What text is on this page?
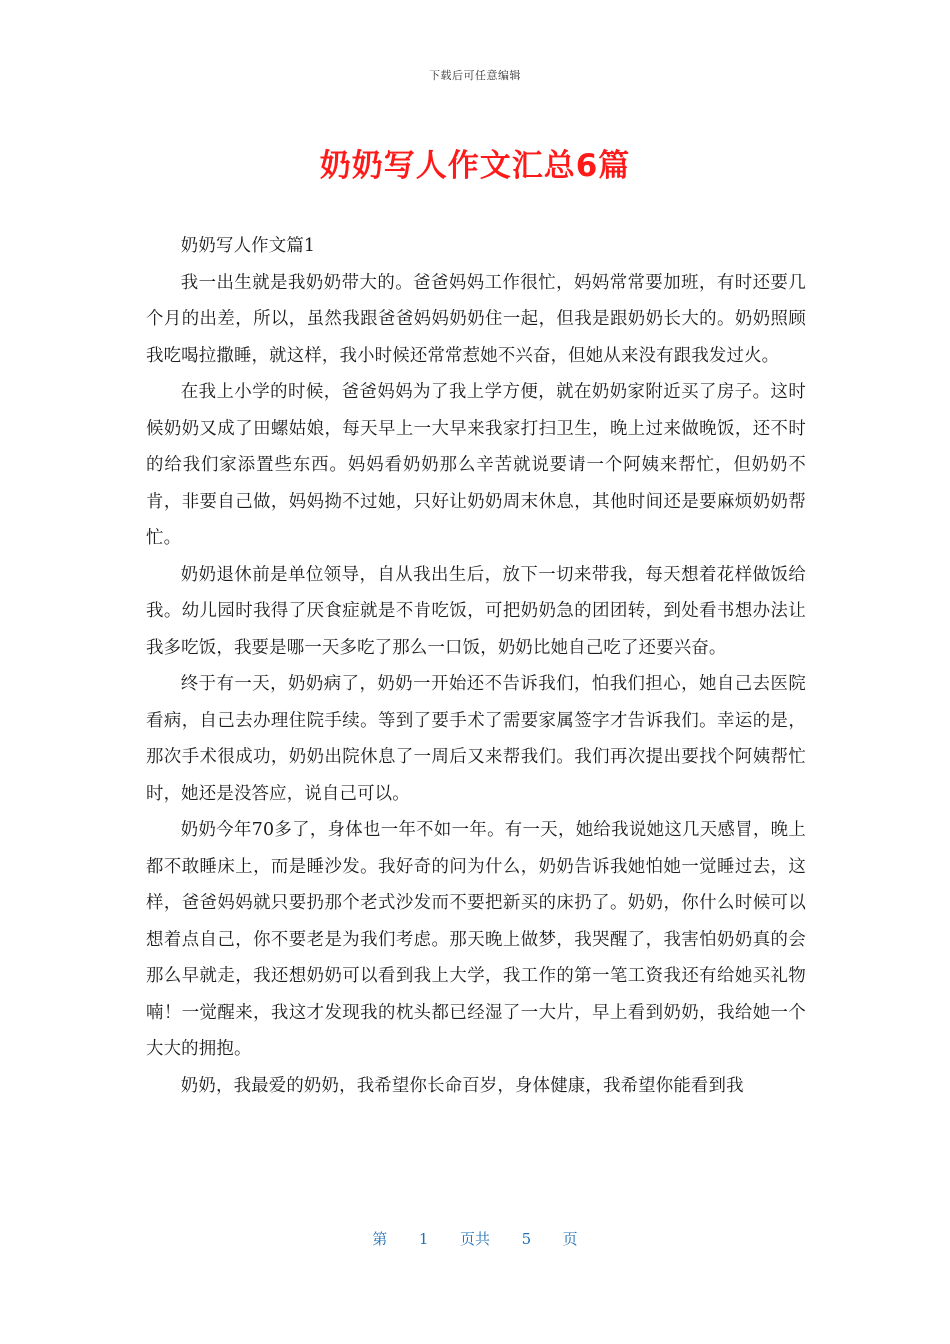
下载后可任意编辑
奶奶写人作文汇总6篇

奶奶写人作文篇1

我一出生就是我奶奶带大的。爸爸妈妈工作很忙，妈妈常常要加班，有时还要几个月的出差，所以，虽然我跟爸爸妈妈奶奶住一起，但我是跟奶奶长大的。奶奶照顾我吃喝拉撒睡，就这样，我小时候还常常惹她不兴奋，但她从来没有跟我发过火。

在我上小学的时候，爸爸妈妈为了我上学方便，就在奶奶家附近买了房子。这时候奶奶又成了田螺姑娘，每天早上一大早来我家打扫卫生，晚上过来做晚饭，还不时的给我们家添置些东西。妈妈看奶奶那么辛苦就说要请一个阿姨来帮忙，但奶奶不肯，非要自己做，妈妈拗不过她，只好让奶奶周末休息，其他时间还是要麻烦奶奶帮忙。

奶奶退休前是单位领导，自从我出生后，放下一切来带我，每天想着花样做饭给我。幼儿园时我得了厌食症就是不肯吃饭，可把奶奶急的团团转，到处看书想办法让我多吃饭，我要是哪一天多吃了那么一口饭，奶奶比她自己吃了还要兴奋。

终于有一天，奶奶病了，奶奶一开始还不告诉我们，怕我们担心，她自己去医院看病，自己去办理住院手续。等到了要手术了需要家属签字才告诉我们。幸运的是，那次手术很成功，奶奶出院休息了一周后又来帮我们。我们再次提出要找个阿姨帮忙时，她还是没答应，说自己可以。

奶奶今年70多了，身体也一年不如一年。有一天，她给我说她这几天感冒，晚上都不敢睡床上，而是睡沙发。我好奇的问为什么，奶奶告诉我她怕她一觉睡过去，这样，爸爸妈妈就只要扔那个老式沙发而不要把新买的床扔了。奶奶，你什么时候可以想着点自己，你不要老是为我们考虑。那天晚上做梦，我哭醒了，我害怕奶奶真的会那么早就走，我还想奶奶可以看到我上大学，我工作的第一笔工资我还有给她买礼物喃！一觉醒来，我这才发现我的枕头都已经湿了一大片，早上看到奶奶，我给她一个大大的拥抱。

奶奶，我最爱的奶奶，我希望你长命百岁，身体健康，我希望你能看到我

第 1 页共 5 页
